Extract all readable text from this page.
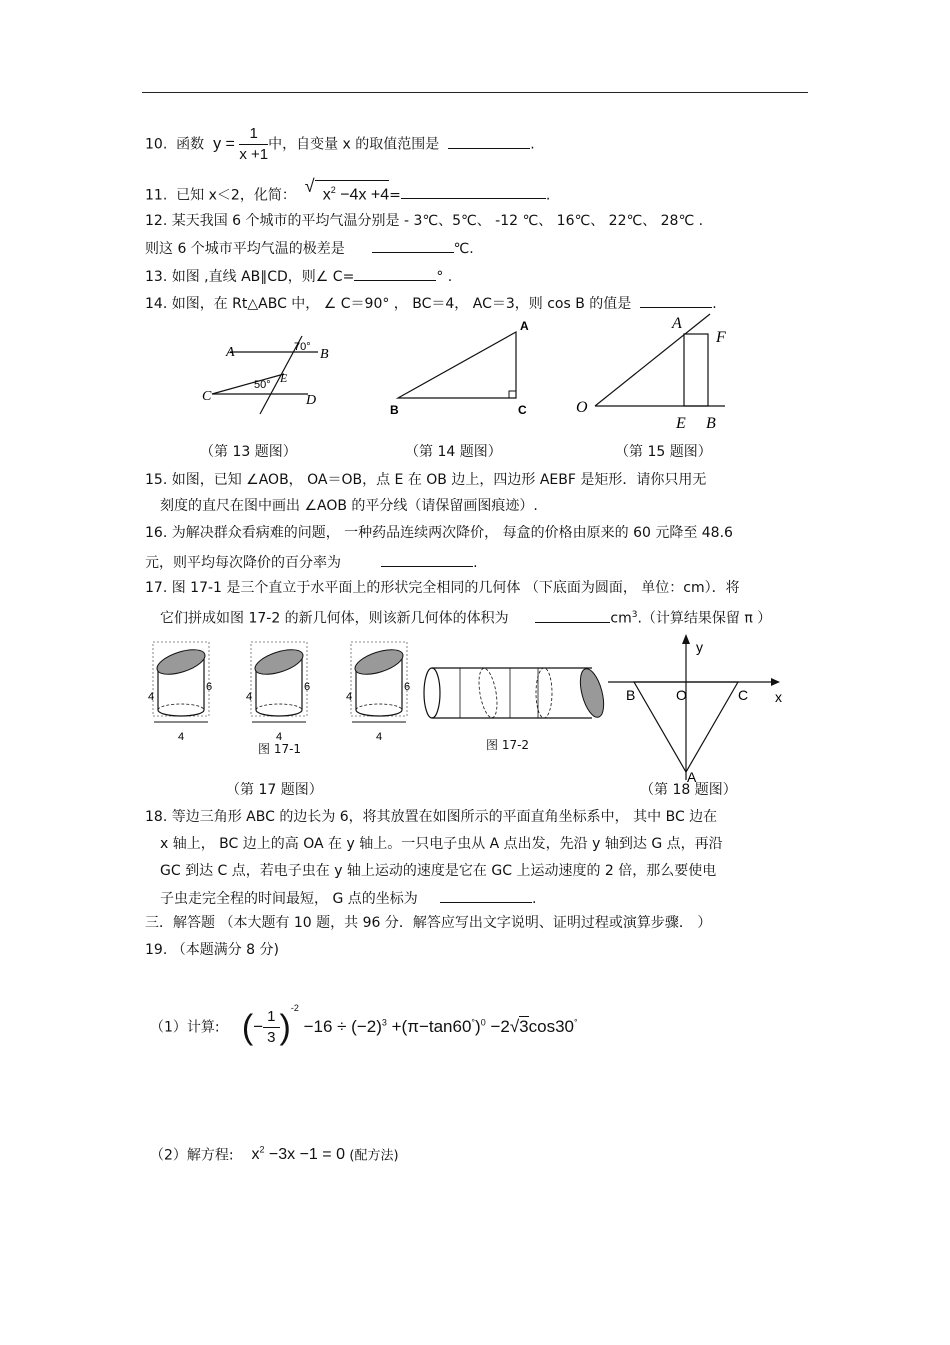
10. 函数 $y = \frac{1}{x +1}$ 中，自变量 x 的取值范围是	.
11. 已知 x＜2，化简： √ $x^2 -4x +4=$	.
12. 某天我国 6 个城市的平均气温分别是 - 3℃、5℃、 -12 ℃、 16℃、 22℃、 28℃ .
则这 6 个城市平均气温的极差是	℃.
13. 如图 ,直线 AB∥CD，则∠ C=	° .
14. 如图，在 Rt△ABC 中， ∠ C＝90° ， BC＝4， AC＝3，则 cos B 的值是	.
A	B
C	D
E
70°
50°
（第 13 题图）
A
B	C
（第 14 题图）
A
F
O
E B
（第 15 题图）
15. 如图，已知 ∠AOB， OA＝OB，点 E 在 OB 边上，四边形 AEBF 是矩形．请你只用无
刻度的直尺在图中画出 ∠AOB 的平分线（请保留画图痕迹）.
16. 为解决群众看病难的问题， 一种药品连续两次降价， 每盒的价格由原来的 60 元降至 48.6
元，则平均每次降价的百分率为	.
17. 图 17-1 是三个直立于水平面上的形状完全相同的几何体 （下底面为圆面， 单位：cm）．将
它们拼成如图 17-2 的新几何体，则该新几何体的体积为	$cm^3$.（计算结果保留 π ）
4
6
4
4
6
4
4
6
4
图 17-1	图 17-2
（第 17 题图）
y
x
B	O	C
A
（第 18 题图）
18. 等边三角形 ABC 的边长为 6，将其放置在如图所示的平面直角坐标系中， 其中 BC 边在
x 轴上， BC 边上的高 OA 在 y 轴上。一只电子虫从 A 点出发，先沿 y 轴到达 G 点，再沿
GC 到达 C 点，若电子虫在 y 轴上运动的速度是它在 GC 上运动速度的 2 倍，那么要使电
子虫走完全程的时间最短， G 点的坐标为	.
三．解答题 （本大题有 10 题，共 96 分．解答应写出文字说明、证明过程或演算步骤． ）
19. （本题满分 8 分)
（1）计算: (− $\frac{1}{3} )^{-2} -16 \div (-2)^3 +(\pi-\tan 60^\circ)^0 -2√3\cos 30^\circ$
（2）解方程: $x^2 -3x -1 = 0$ (配方法)
